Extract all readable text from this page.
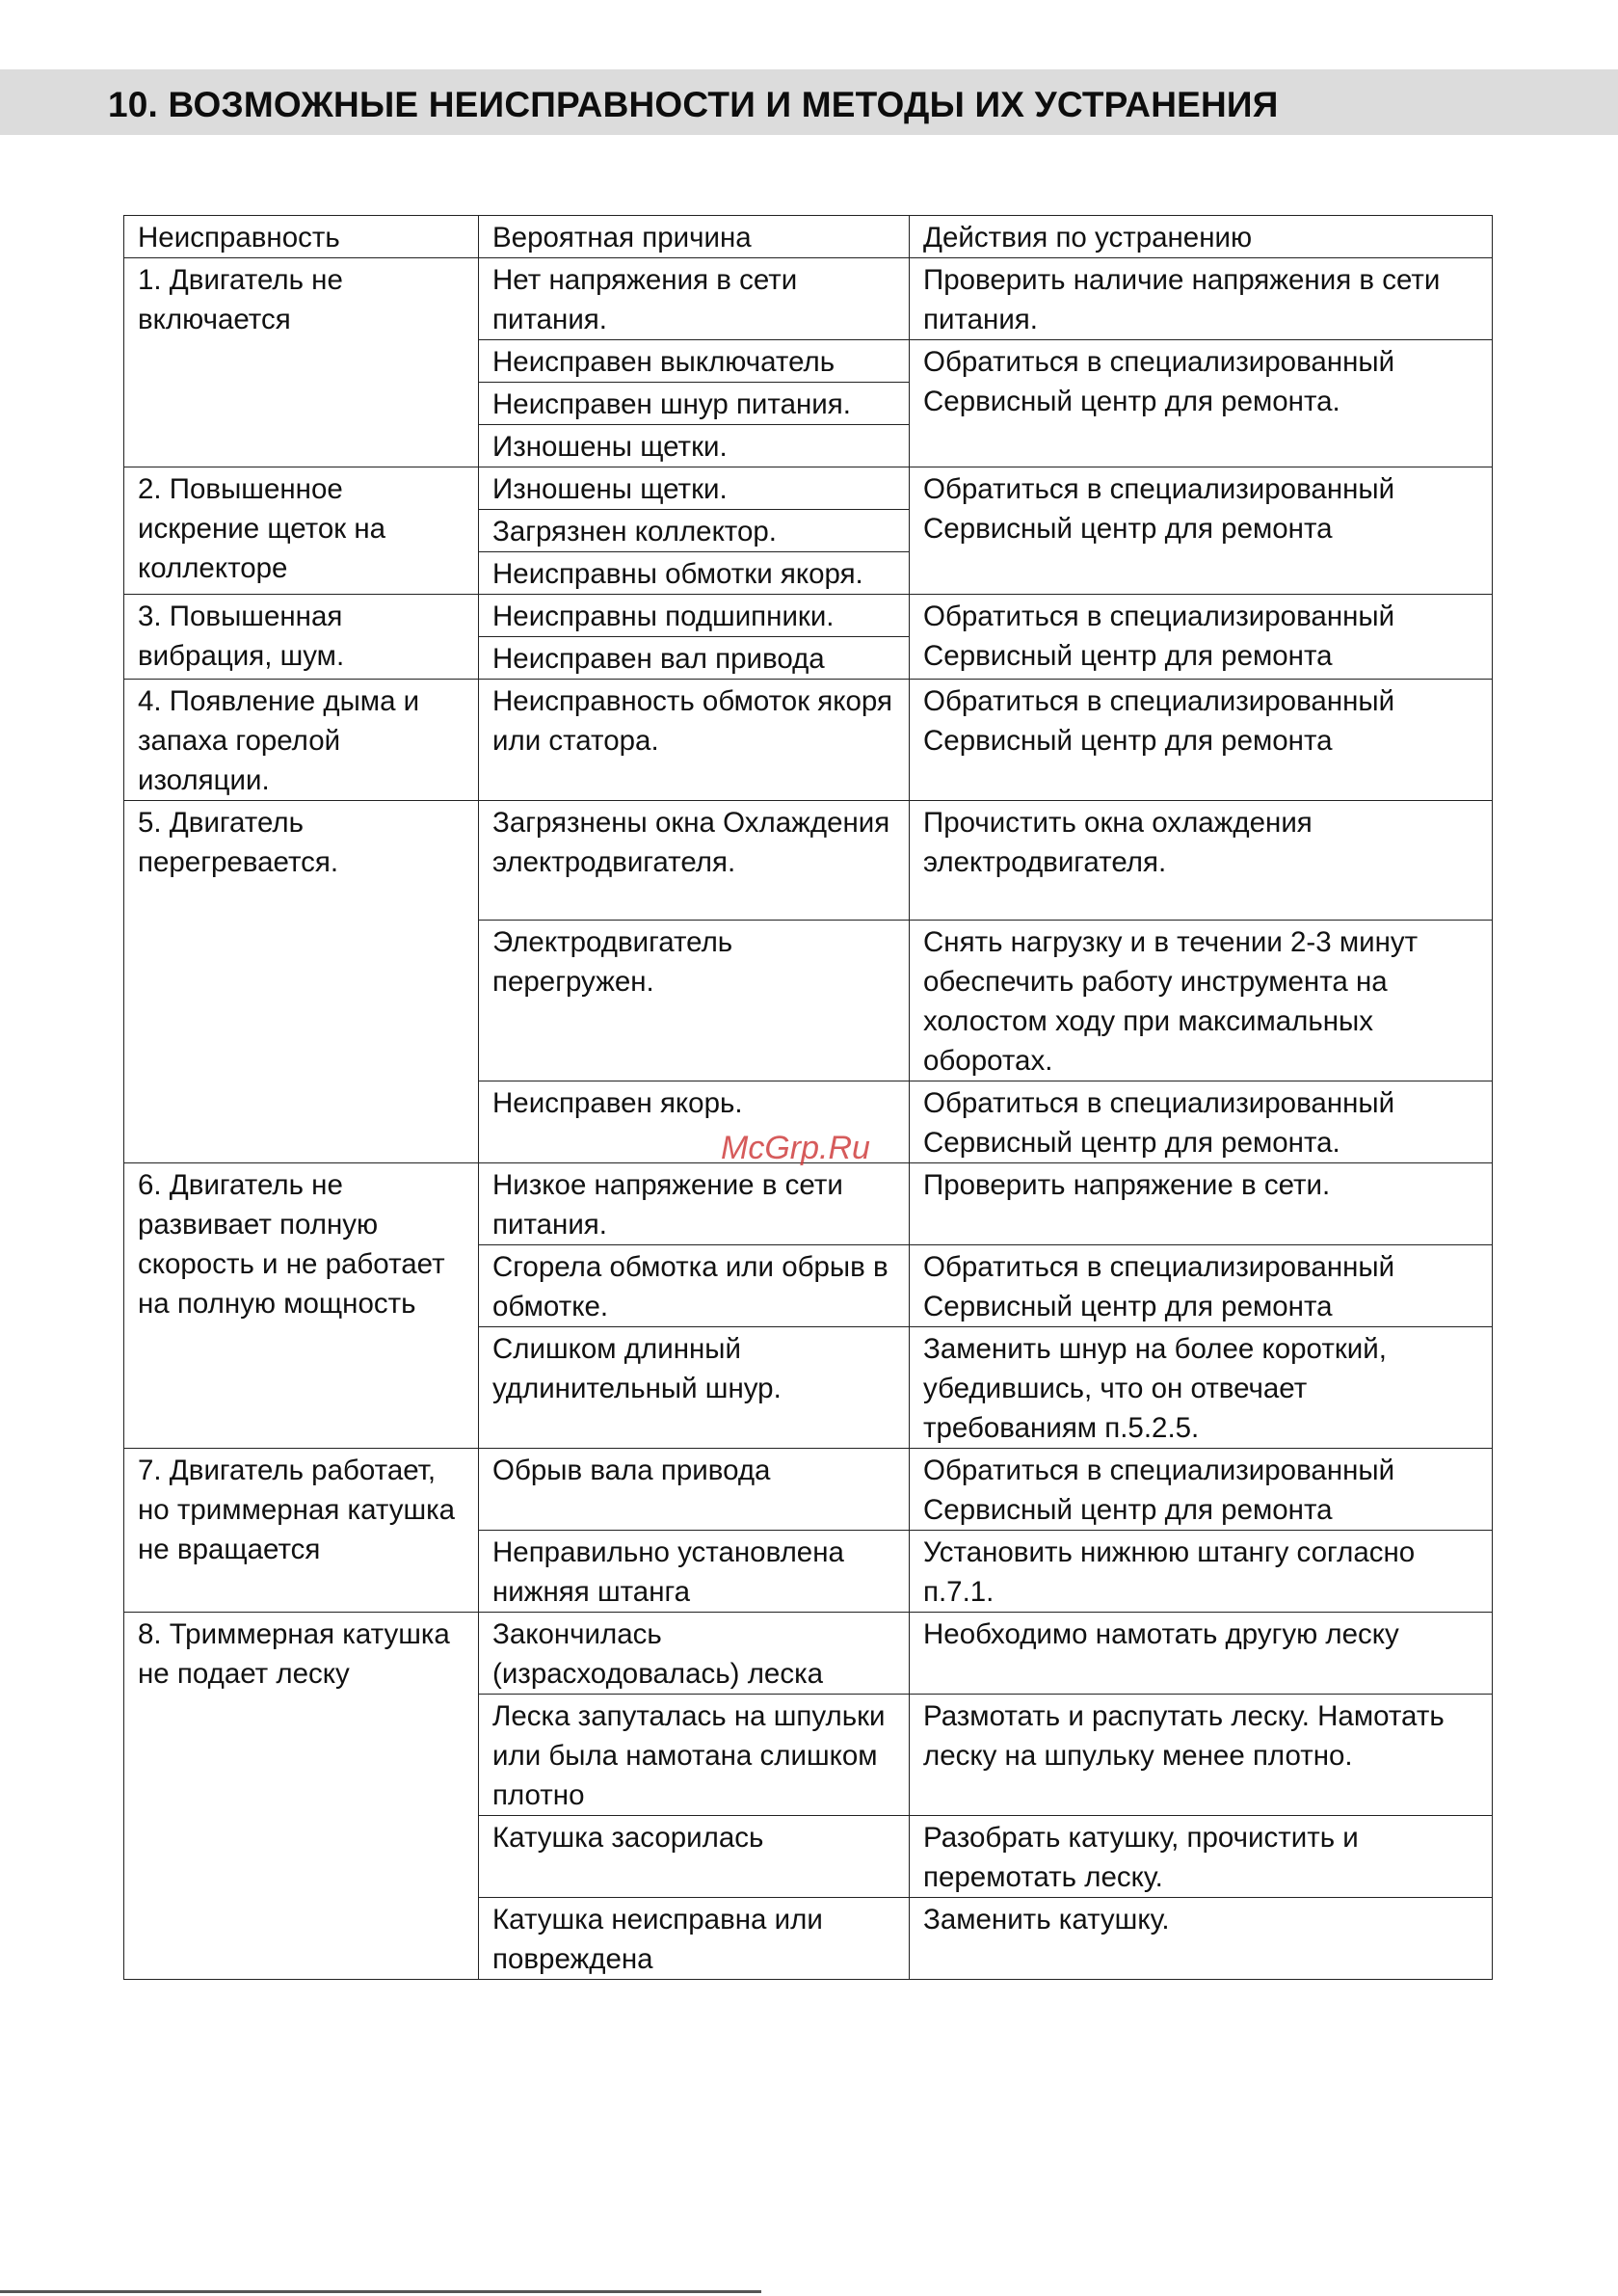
10. ВОЗМОЖНЫЕ НЕИСПРАВНОСТИ И МЕТОДЫ ИХ УСТРАНЕНИЯ
Неисправность	Вероятная причина	Действия по устранению
1. Двигатель не включается	Нет напряжения в сети питания.	Проверить наличие напряжения в сети питания.
	Неисправен выключатель	Обратиться в специализированный Сервисный центр для ремонта.
	Неисправен шнур питания.	
	Изношены щетки.	
2. Повышенное искрение щеток на коллекторе	Изношены щетки.	Обратиться в специализированный Сервисный центр для ремонта
	Загрязнен коллектор.	
	Неисправны обмотки якоря.	
3. Повышенная вибрация, шум.	Неисправны подшипники.	Обратиться в специализированный Сервисный центр для ремонта
	Неисправен вал привода	
4. Появление дыма и запаха горелой изоляции.	Неисправность обмоток якоря или статора.	Обратиться в специализированный Сервисный центр для ремонта
5. Двигатель перегревается.	Загрязнены окна Охлаждения электродвигателя.	Прочистить окна охлаждения электродвигателя.
	Электродвигатель перегружен.	Снять нагрузку и в течении 2-3 минут обеспечить работу инструмента на холостом ходу при максимальных оборотах.
	Неисправен якорь.	Обратиться в специализированный Сервисный центр для ремонта.
6. Двигатель не развивает полную скорость и не работает на полную мощность	Низкое напряжение в сети питания.	Проверить напряжение в сети.
	Сгорела обмотка или обрыв в обмотке.	Обратиться в специализированный Сервисный центр для ремонта
	Слишком длинный удлинительный шнур.	Заменить шнур на более короткий, убедившись, что он отвечает требованиям п.5.2.5.
7. Двигатель работает, но триммерная катушка не вращается	Обрыв вала привода	Обратиться в специализированный Сервисный центр для ремонта
	Неправильно установлена нижняя штанга	Установить нижнюю штангу согласно п.7.1.
8. Триммерная катушка не подает леску	Закончилась (израсходовалась) леска	Необходимо намотать другую леску
	Леска запуталась на шпульки или была намотана слишком плотно	Размотать и распутать леску. Намотать леску на шпульку менее плотно.
	Катушка засорилась	Разобрать катушку, прочистить и перемотать леску.
	Катушка неисправна или повреждена	Заменить катушку.
McGrp.Ru
